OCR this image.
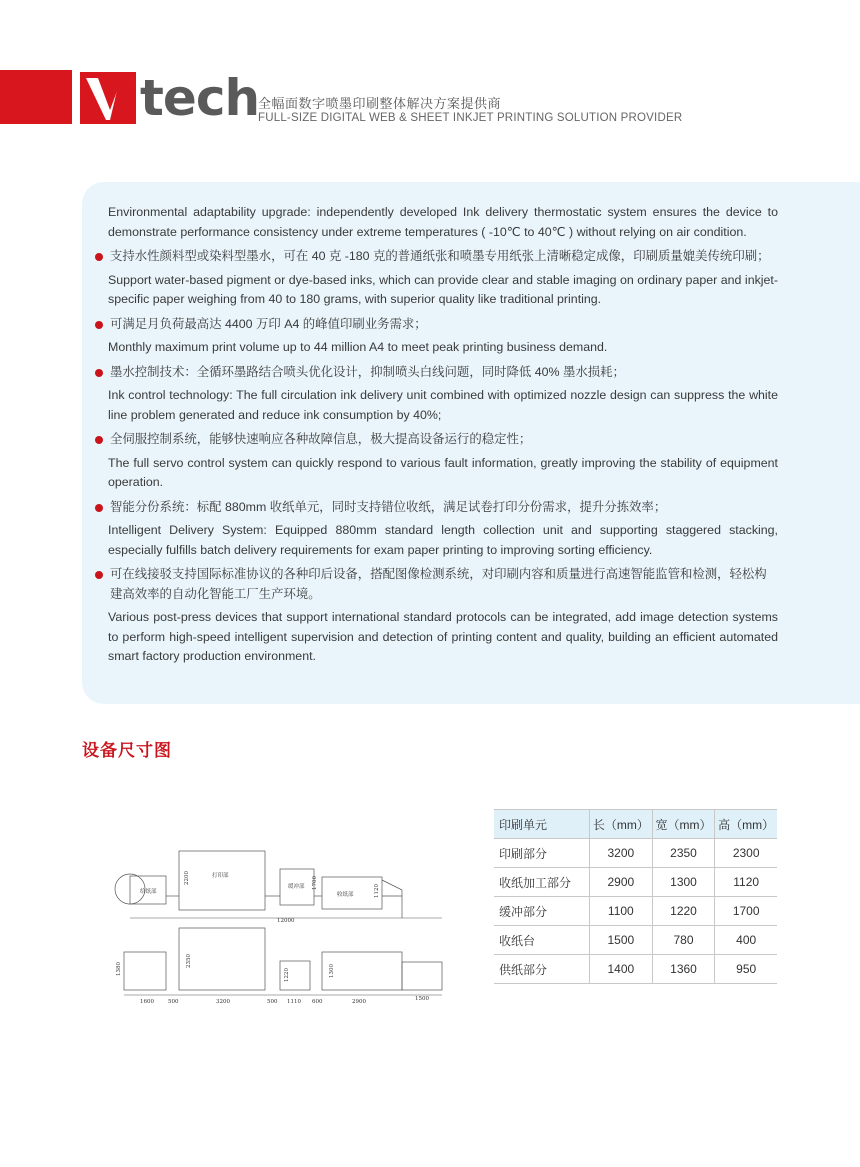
tech
全幅面数字喷墨印刷整体解决方案提供商
FULL-SIZE DIGITAL WEB & SHEET INKJET PRINTING SOLUTION PROVIDER

Environmental adaptability upgrade: independently developed Ink delivery thermostatic system ensures the device to demonstrate performance consistency under extreme temperatures ( -10℃ to 40℃ ) without relying on air condition.

支持水性颜料型或染料型墨水，可在 40 克 -180 克的普通纸张和喷墨专用纸张上清晰稳定成像，印刷质量媲美传统印刷；

Support water-based pigment or dye-based inks, which can provide clear and stable imaging on ordinary paper and inkjet-specific paper weighing from 40 to 180 grams, with superior quality like traditional printing.

可满足月负荷最高达 4400 万印 A4 的峰值印刷业务需求；

Monthly maximum print volume up to 44 million A4 to meet peak printing business demand.

墨水控制技术：全循环墨路结合喷头优化设计，抑制喷头白线问题，同时降低 40% 墨水损耗；

Ink control technology: The full circulation ink delivery unit combined with optimized nozzle design can suppress the white line problem generated and reduce ink consumption by 40%;

全伺服控制系统，能够快速响应各种故障信息，极大提高设备运行的稳定性；

The full servo control system can quickly respond to various fault information, greatly improving the stability of equipment operation.

智能分份系统：标配 880mm 收纸单元，同时支持错位收纸，满足试卷打印分份需求，提升分拣效率；

Intelligent Delivery System: Equipped 880mm standard length collection unit and supporting staggered stacking, especially fulfills batch delivery requirements for exam paper printing to improving sorting efficiency.

可在线接驳支持国际标准协议的各种印后设备，搭配图像检测系统，对印刷内容和质量进行高速智能监管和检测，轻松构建高效率的自动化智能工厂生产环境。

Various post-press devices that support international standard protocols can be integrated, add image detection systems to perform high-speed intelligent supervision and detection of printing content and quality, building an efficient automated smart factory production environment.

设备尺寸图
给纸部
打印部
缓冲部
收纸部
12000
2200	1700
1120
1380
2350
1220	1300
1600	500	3200	500 1110 600	2900	1500
印刷单元	长（mm）	宽（mm）	高（mm）
印刷部分	3200	2350	2300
收纸加工部分	2900	1300	1120
缓冲部分	1100	1220	1700
收纸台	1500	780	400
供纸部分	1400	1360	950
